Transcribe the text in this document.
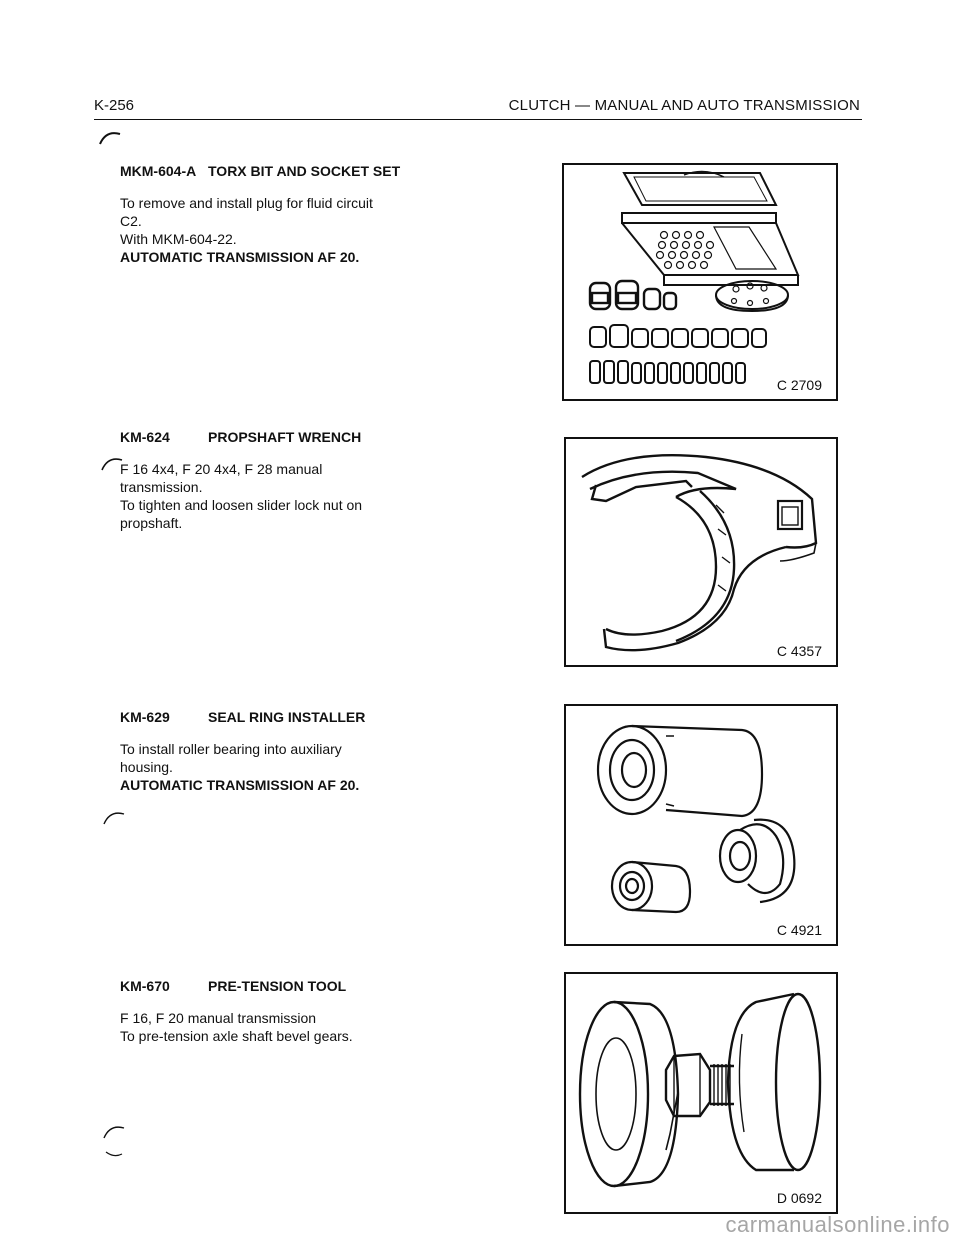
K-256	CLUTCH — MANUAL AND AUTO TRANSMISSION
MKM-604-A TORX BIT AND SOCKET SET
To remove and install plug for fluid circuit
C2.
With MKM-604-22.
AUTOMATIC TRANSMISSION AF 20.
KM-624	PROPSHAFT WRENCH
F 16 4x4, F 20 4x4, F 28 manual
transmission.
To tighten and loosen slider lock nut on
propshaft.
KM-629	SEAL RING INSTALLER
To install roller bearing into auxiliary
housing.
AUTOMATIC TRANSMISSION AF 20.
KM-670	PRE-TENSION TOOL
F 16, F 20 manual transmission
To pre-tension axle shaft bevel gears.
C 2709
C 4357
C 4921
D 0692
carmanualsonline.info
